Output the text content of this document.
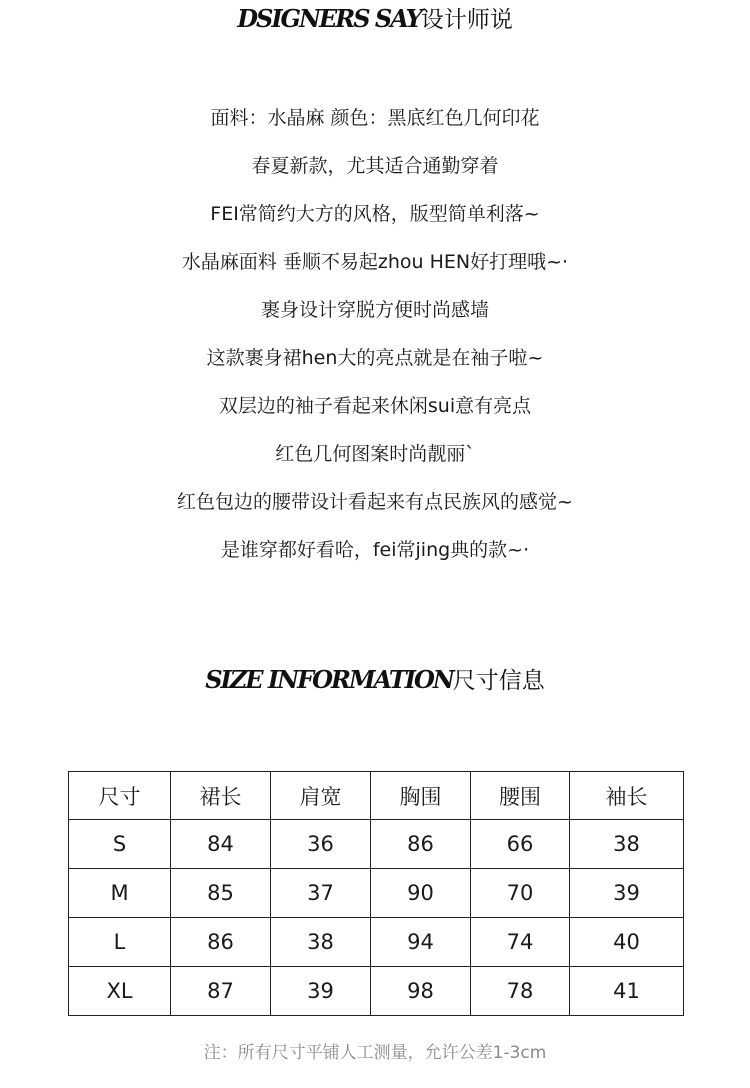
DSIGNERS SAY设计师说
面料：水晶麻 颜色：黑底红色几何印花
春夏新款，尤其适合通勤穿着
FEI常简约大方的风格，版型简单利落~
水晶麻面料 垂顺不易起zhou HEN好打理哦~·
裹身设计穿脱方便时尚感墙
这款裹身裙hen大的亮点就是在袖子啦~
双层边的袖子看起来休闲sui意有亮点
红色几何图案时尚靓丽`
红色包边的腰带设计看起来有点民族风的感觉~
是谁穿都好看哈，fei常jing典的款~·
SIZE INFORMATION尺寸信息
尺寸	裙长	肩宽	胸围	腰围	袖长
S	84	36	86	66	38
M	85	37	90	70	39
L	86	38	94	74	40
XL	87	39	98	78	41
注：所有尺寸平铺人工测量，允许公差1-3cm
